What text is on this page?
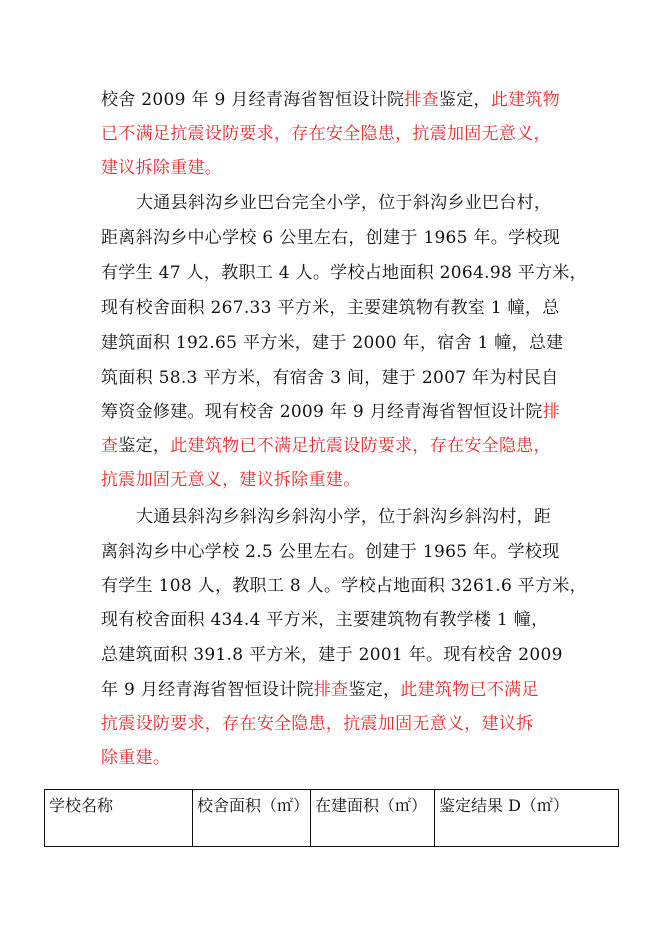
校舍 2009 年 9 月经青海省智恒设计院排查鉴定，此建筑物
已不满足抗震设防要求，存在安全隐患，抗震加固无意义，
建议拆除重建。
大通县斜沟乡业巴台完全小学，位于斜沟乡业巴台村，
距离斜沟乡中心学校 6 公里左右，创建于 1965 年。学校现
有学生 47 人，教职工 4 人。学校占地面积 2064.98 平方米，
现有校舍面积 267.33 平方米，主要建筑物有教室 1 幢，总
建筑面积 192.65 平方米，建于 2000 年，宿舍 1 幢，总建
筑面积 58.3 平方米，有宿舍 3 间，建于 2007 年为村民自
筹资金修建。现有校舍 2009 年 9 月经青海省智恒设计院排
查鉴定，此建筑物已不满足抗震设防要求，存在安全隐患，
抗震加固无意义，建议拆除重建。
大通县斜沟乡斜沟乡斜沟小学，位于斜沟乡斜沟村，距
离斜沟乡中心学校 2.5 公里左右。创建于 1965 年。学校现
有学生 108 人，教职工 8 人。学校占地面积 3261.6 平方米，
现有校舍面积 434.4 平方米，主要建筑物有教学楼 1 幢，
总建筑面积 391.8 平方米，建于 2001 年。现有校舍 2009
年 9 月经青海省智恒设计院排查鉴定，此建筑物已不满足
抗震设防要求，存在安全隐患，抗震加固无意义，建议拆
除重建。
学校名称	校舍面积（㎡）	在建面积（㎡）	鉴定结果 D（㎡）
